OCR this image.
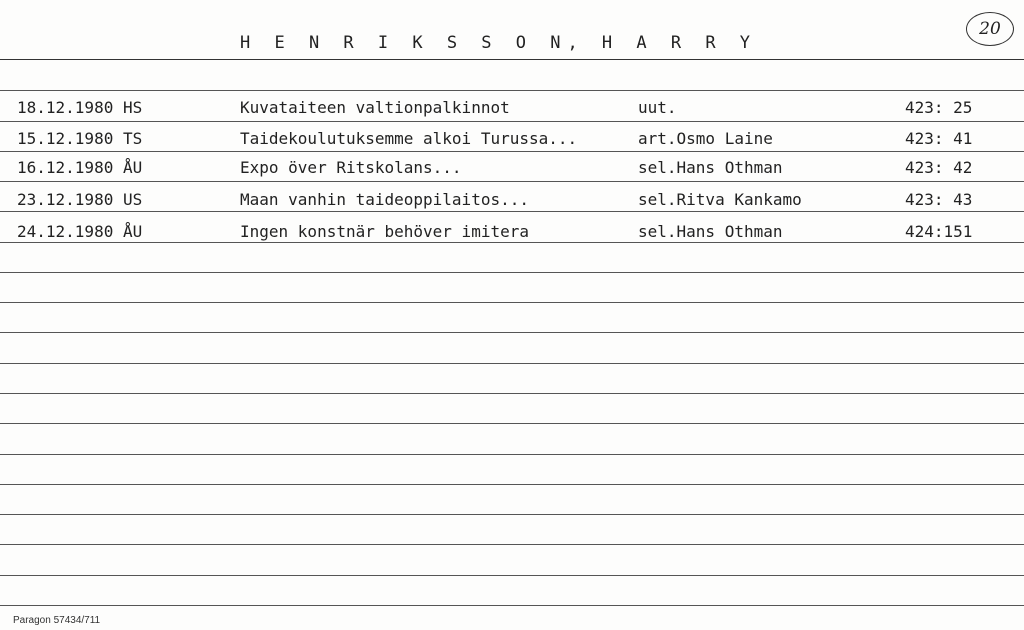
H E N R I K S S O N, H A R R Y
20
18.12.1980 HS	Kuvataiteen valtionpalkinnot	uut.	423: 25
15.12.1980 TS	Taidekoulutuksemme alkoi Turussa...	art.Osmo Laine	423: 41
16.12.1980 ÅU	Expo över Ritskolans...	sel.Hans Othman	423: 42
23.12.1980 US	Maan vanhin taideoppilaitos...	sel.Ritva Kankamo	423: 43
24.12.1980 ÅU	Ingen konstnär behöver imitera	sel.Hans Othman	424:151
Paragon 57434/711
